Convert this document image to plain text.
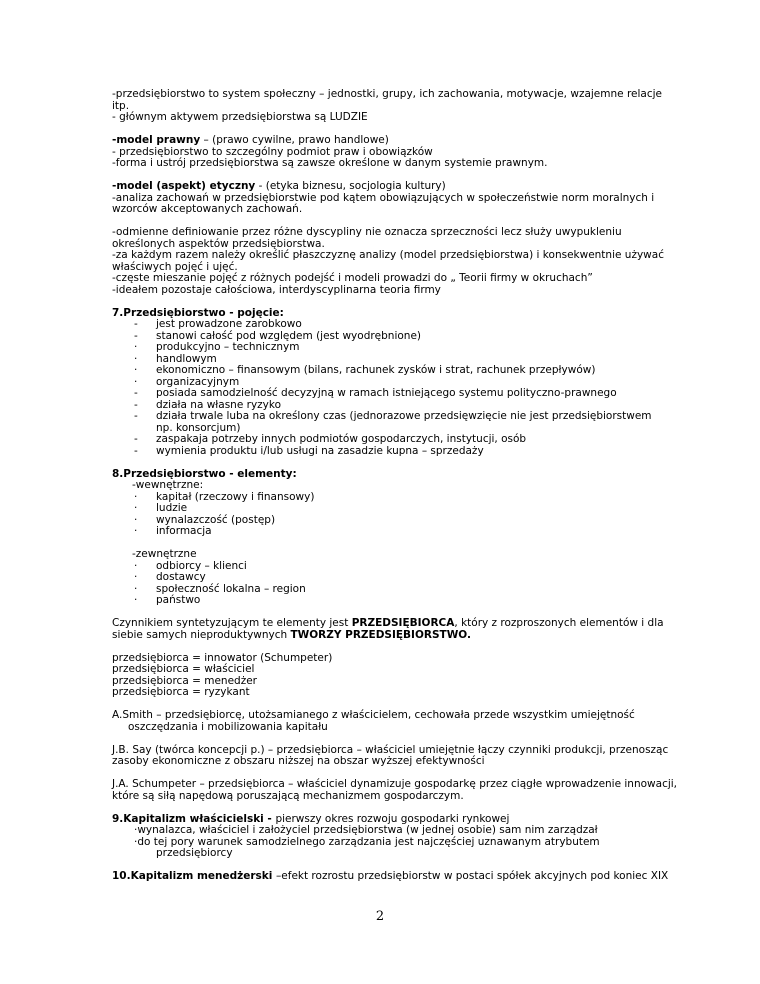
-przedsiębiorstwo to system społeczny – jednostki, grupy, ich zachowania, motywacje, wzajemne relacje
itp.
- głównym aktywem przedsiębiorstwa są LUDZIE
-model prawny – (prawo cywilne, prawo handlowe)
- przedsiębiorstwo to szczególny podmiot praw i obowiązków
-forma i ustrój przedsiębiorstwa są zawsze określone w danym systemie prawnym.
-model (aspekt) etyczny - (etyka biznesu, socjologia kultury)
-analiza zachowań w przedsiębiorstwie pod kątem obowiązujących w społeczeństwie norm moralnych i
wzorców akceptowanych zachowań.
-odmienne definiowanie przez różne dyscypliny nie oznacza sprzeczności lecz służy uwypukleniu
określonych aspektów przedsiębiorstwa.
-za każdym razem należy określić płaszczyznę analizy (model przedsiębiorstwa) i konsekwentnie używać
właściwych pojęć i ujęć.
-częste mieszanie pojęć z różnych podejść i modeli prowadzi do „ Teorii firmy w okruchach”
-ideałem pozostaje całościowa, interdyscyplinarna teoria firmy
7.Przedsiębiorstwo - pojęcie:
-	jest prowadzone zarobkowo
-	stanowi całość pod względem (jest wyodrębnione)
·	produkcyjno – technicznym
·	handlowym
·	ekonomiczno – finansowym (bilans, rachunek zysków i strat, rachunek przepływów)
·	organizacyjnym
-	posiada samodzielność decyzyjną w ramach istniejącego systemu polityczno-prawnego
-	działa na własne ryzyko
-	działa trwale luba na określony czas (jednorazowe przedsięwzięcie nie jest przedsiębiorstwem np. konsorcjum)
-	zaspakaja potrzeby innych podmiotów gospodarczych, instytucji, osób
-	wymienia produktu i/lub usługi na zasadzie kupna – sprzedaży
8.Przedsiębiorstwo - elementy:
-wewnętrzne:
·	kapitał (rzeczowy i finansowy)
·	ludzie
·	wynalazczość (postęp)
·	informacja

-zewnętrzne
·	odbiorcy – klienci
·	dostawcy
·	społeczność lokalna – region
·	państwo
Czynnikiem syntetyzującym te elementy jest PRZEDSIĘBIORCA, który z rozproszonych elementów i dla
siebie samych nieproduktywnych TWORZY PRZEDSIĘBIORSTWO.
przedsiębiorca = innowator (Schumpeter)
przedsiębiorca = właściciel
przedsiębiorca = menedżer
przedsiębiorca = ryzykant
A.Smith – przedsiębiorcę, utożsamianego z właścicielem, cechowała przede wszystkim umiejętność
oszczędzania i mobilizowania kapitału
J.B. Say (twórca koncepcji p.) – przedsiębiorca – właściciel umiejętnie łączy czynniki produkcji, przenosząc
zasoby ekonomiczne z obszaru niższej na obszar wyższej efektywności
J.A. Schumpeter – przedsiębiorca – właściciel dynamizuje gospodarkę przez ciągłe wprowadzenie innowacji,
które są siłą napędową poruszającą mechanizmem gospodarczym.
9.Kapitalizm właścicielski - pierwszy okres rozwoju gospodarki rynkowej
·wynalazca, właściciel i założyciel przedsiębiorstwa (w jednej osobie) sam nim zarządzał
·do tej pory warunek samodzielnego zarządzania jest najczęściej uznawanym atrybutem
przedsiębiorcy
10.Kapitalizm menedżerski –efekt rozrostu przedsiębiorstw w postaci spółek akcyjnych pod koniec XIX
2
